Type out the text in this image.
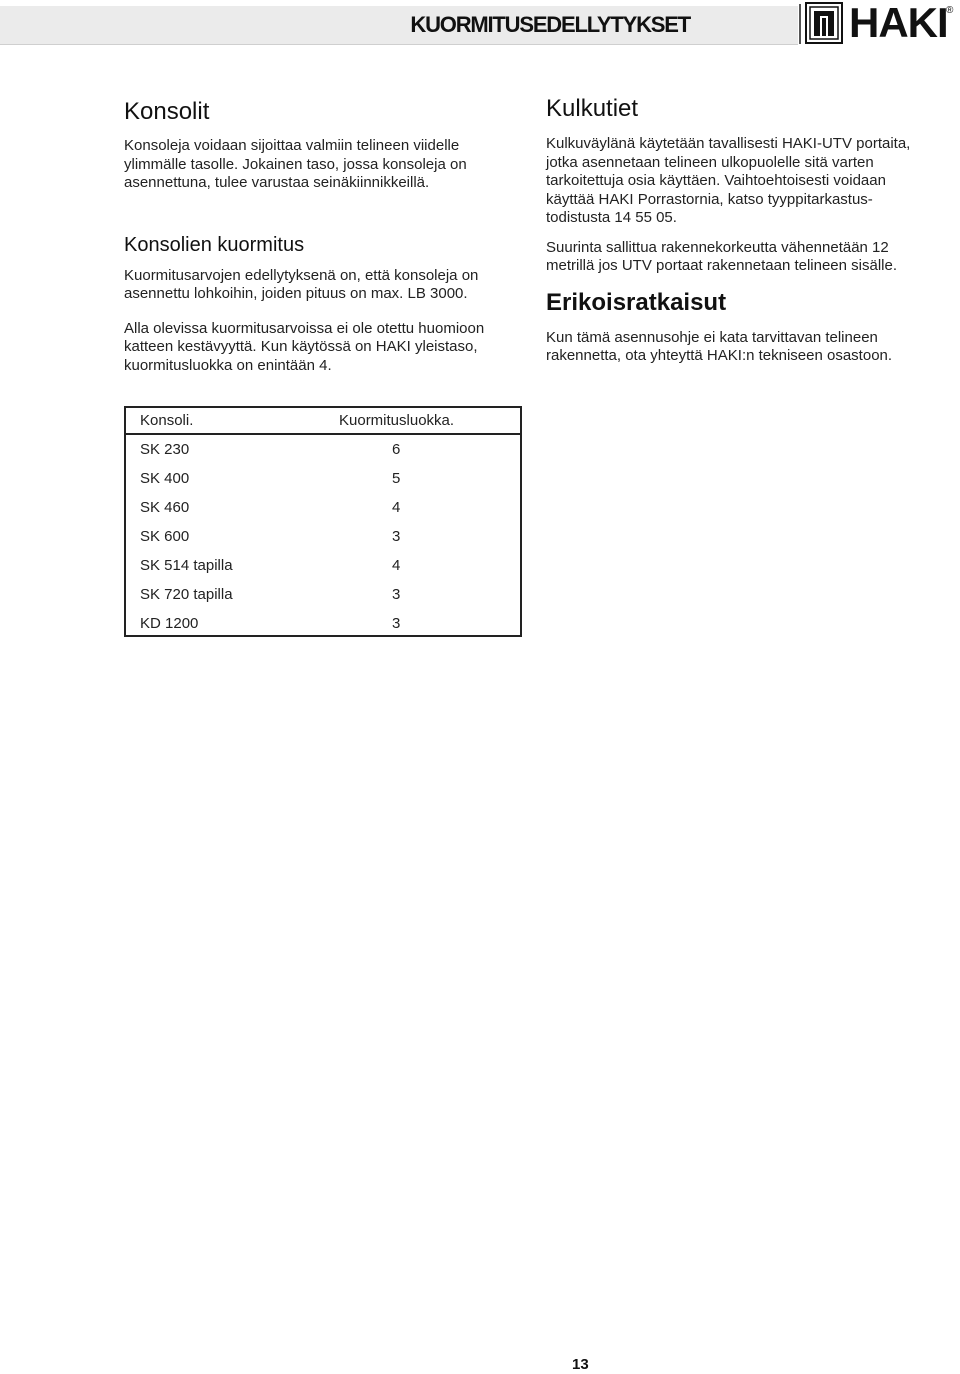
KUORMITUSEDELLYTYKSET	HAKI
®
Konsolit

Konsoleja voidaan sijoittaa valmiin telineen viidelle
ylimmälle tasolle. Jokainen taso, jossa konsoleja on
asennettuna, tulee varustaa seinäkiinnikkeillä.

Konsolien kuormitus

Kuormitusarvojen edellytyksenä on, että konsoleja on
asennettu lohkoihin, joiden pituus on max. LB 3000.

Alla olevissa kuormitusarvoissa ei ole otettu huomioon
katteen kestävyyttä. Kun käytössä on HAKI yleistaso,
kuormitusluokka on enintään 4.

Kulkutiet

Kulkuväylänä käytetään tavallisesti HAKI-UTV portaita,
jotka asennetaan telineen ulkopuolelle sitä varten
tarkoitettuja osia käyttäen. Vaihtoehtoisesti voidaan
käyttää HAKI Porrastornia, katso tyyppitarkastus-
todistusta 14 55 05.

Suurinta sallittua rakennekorkeutta vähennetään 12
metrillä jos UTV portaat rakennetaan telineen sisälle.

Erikoisratkaisut

Kun tämä asennusohje ei kata tarvittavan telineen
rakennetta, ota yhteyttä HAKI:n tekniseen osastoon.

Konsoli.	Kuormitusluokka.
SK 230	6
SK 400	5
SK 460	4
SK 600	3
SK 514 tapilla	4
SK 720 tapilla	3
KD 1200	3
13
